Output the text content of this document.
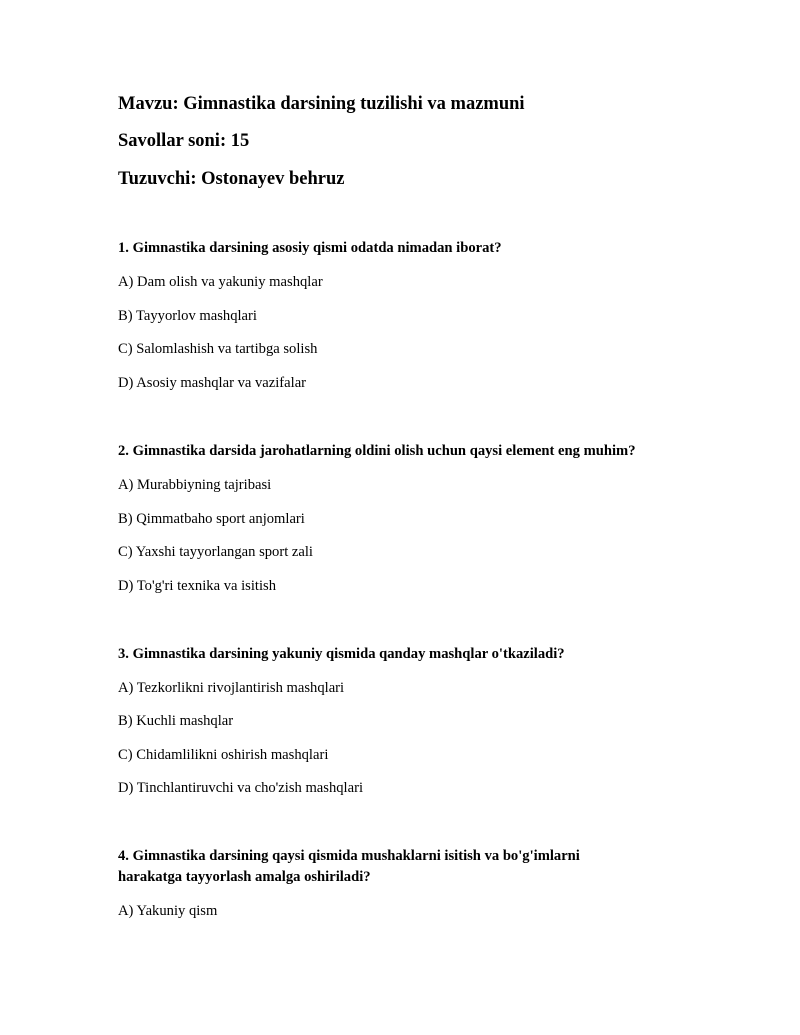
Mavzu: Gimnastika darsining tuzilishi va mazmuni
Savollar soni: 15
Tuzuvchi: Ostonayev behruz
1. Gimnastika darsining asosiy qismi odatda nimadan iborat?
A) Dam olish va yakuniy mashqlar
B) Tayyorlov mashqlari
C) Salomlashish va tartibga solish
D) Asosiy mashqlar va vazifalar
2. Gimnastika darsida jarohatlarning oldini olish uchun qaysi element eng muhim?
A) Murabbiyning tajribasi
B) Qimmatbaho sport anjomlari
C) Yaxshi tayyorlangan sport zali
D) To'g'ri texnika va isitish
3. Gimnastika darsining yakuniy qismida qanday mashqlar o'tkaziladi?
A) Tezkorlikni rivojlantirish mashqlari
B) Kuchli mashqlar
C) Chidamlilikni oshirish mashqlari
D) Tinchlantiruvchi va cho'zish mashqlari
4. Gimnastika darsining qaysi qismida mushaklarni isitish va bo'g'imlarni
harakatga tayyorlash amalga oshiriladi?
A) Yakuniy qism
